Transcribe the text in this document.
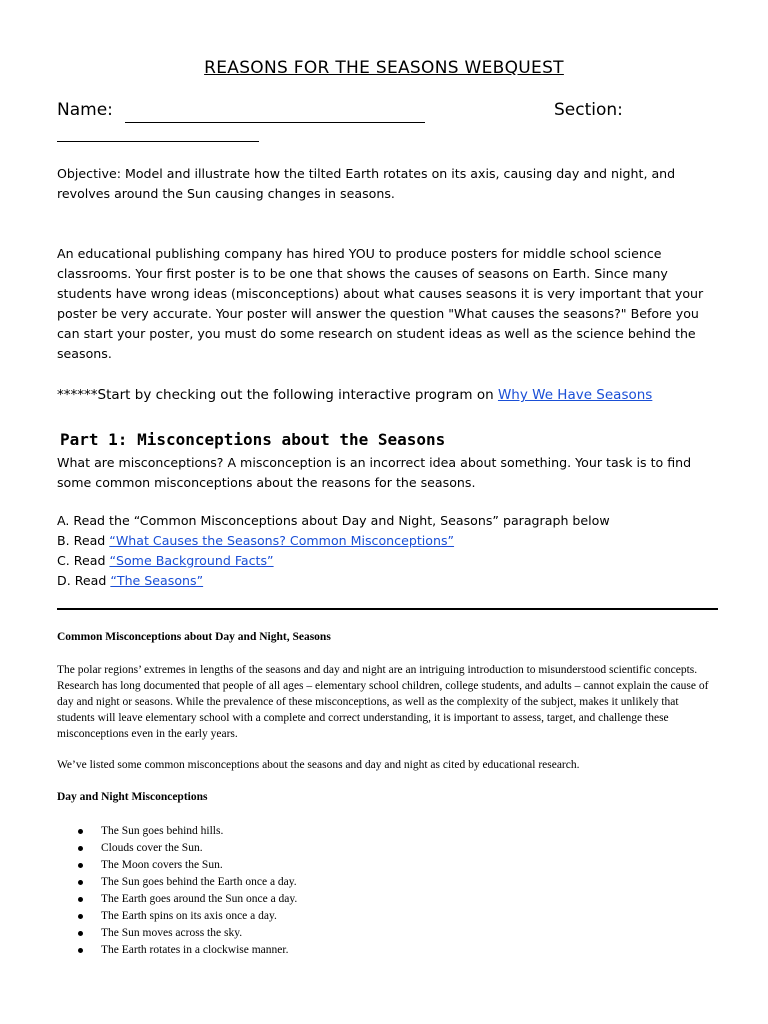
REASONS FOR THE SEASONS WEBQUEST
Name:	Section:
Objective: Model and illustrate how the tilted Earth rotates on its axis, causing day and night, and revolves around the Sun causing changes in seasons.
An educational publishing company has hired YOU to produce posters for middle school science classrooms. Your first poster is to be one that shows the causes of seasons on Earth. Since many students have wrong ideas (misconceptions) about what causes seasons it is very important that your poster be very accurate. Your poster will answer the question "What causes the seasons?" Before you can start your poster, you must do some research on student ideas as well as the science behind the seasons.
******Start by checking out the following interactive program on Why We Have Seasons
Part 1: Misconceptions about the Seasons
What are misconceptions? A misconception is an incorrect idea about something. Your task is to find some common misconceptions about the reasons for the seasons.
A. Read the “Common Misconceptions about Day and Night, Seasons” paragraph below
B. Read “What Causes the Seasons? Common Misconceptions”
C. Read “Some Background Facts”
D. Read “The Seasons”
Common Misconceptions about Day and Night, Seasons
The polar regions’ extremes in lengths of the seasons and day and night are an intriguing introduction to misunderstood scientific concepts. Research has long documented that people of all ages – elementary school children, college students, and adults – cannot explain the cause of day and night or seasons. While the prevalence of these misconceptions, as well as the complexity of the subject, makes it unlikely that students will leave elementary school with a complete and correct understanding, it is important to assess, target, and challenge these misconceptions even in the early years.
We’ve listed some common misconceptions about the seasons and day and night as cited by educational research.
Day and Night Misconceptions
The Sun goes behind hills.
Clouds cover the Sun.
The Moon covers the Sun.
The Sun goes behind the Earth once a day.
The Earth goes around the Sun once a day.
The Earth spins on its axis once a day.
The Sun moves across the sky.
The Earth rotates in a clockwise manner.
